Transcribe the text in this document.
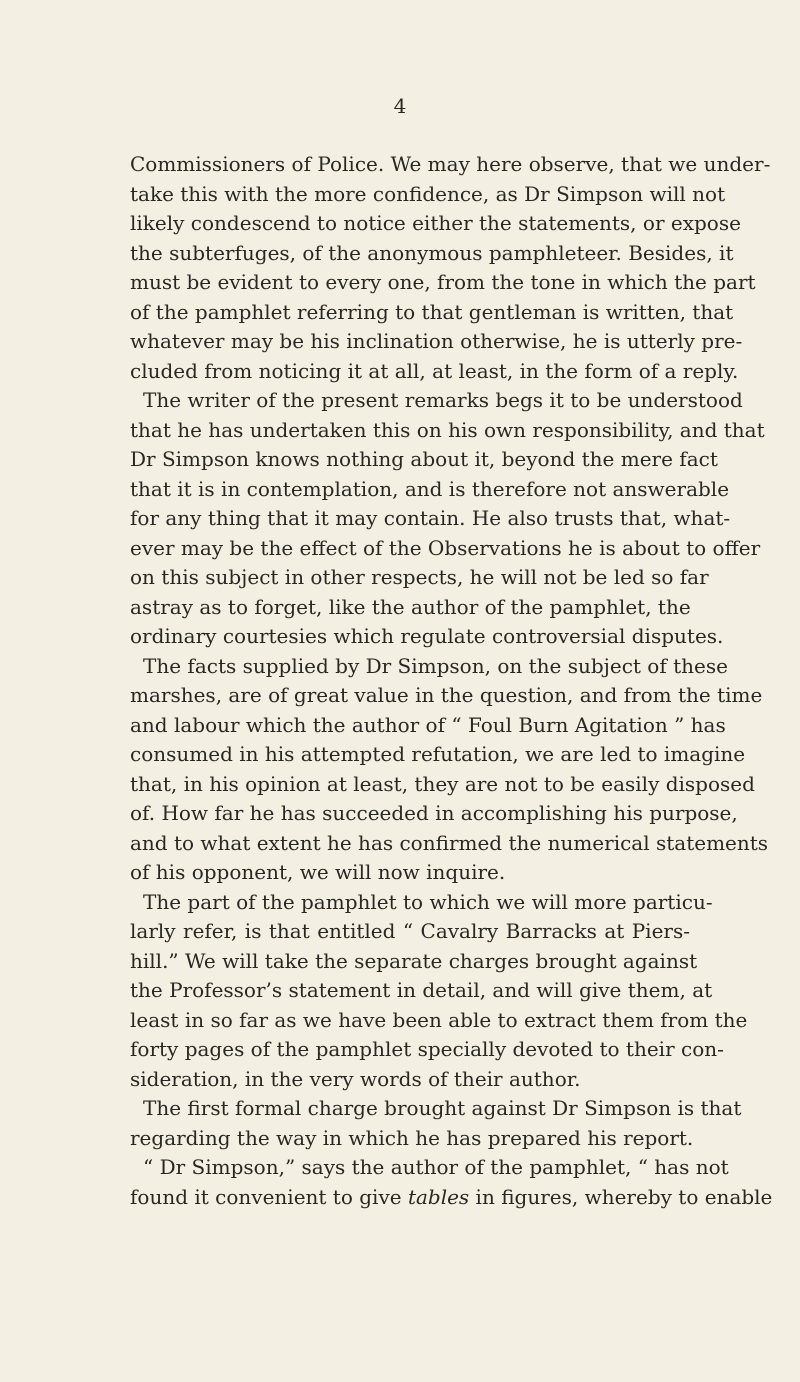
4
Commissioners of Police. We may here observe, that we under-
take this with the more confidence, as Dr Simpson will not
likely condescend to notice either the statements, or expose
the subterfuges, of the anonymous pamphleteer. Besides, it
must be evident to every one, from the tone in which the part
of the pamphlet referring to that gentleman is written, that
whatever may be his inclination otherwise, he is utterly pre-
cluded from noticing it at all, at least, in the form of a reply.
The writer of the present remarks begs it to be understood
that he has undertaken this on his own responsibility, and that
Dr Simpson knows nothing about it, beyond the mere fact
that it is in contemplation, and is therefore not answerable
for any thing that it may contain. He also trusts that, what-
ever may be the effect of the Observations he is about to offer
on this subject in other respects, he will not be led so far
astray as to forget, like the author of the pamphlet, the
ordinary courtesies which regulate controversial disputes.
The facts supplied by Dr Simpson, on the subject of these
marshes, are of great value in the question, and from the time
and labour which the author of “ Foul Burn Agitation ” has
consumed in his attempted refutation, we are led to imagine
that, in his opinion at least, they are not to be easily disposed
of. How far he has succeeded in accomplishing his purpose,
and to what extent he has confirmed the numerical statements
of his opponent, we will now inquire.
The part of the pamphlet to which we will more particu-
larly refer, is that entitled “ Cavalry Barracks at Piers-
hill.” We will take the separate charges brought against
the Professor’s statement in detail, and will give them, at
least in so far as we have been able to extract them from the
forty pages of the pamphlet specially devoted to their con-
sideration, in the very words of their author.
The first formal charge brought against Dr Simpson is that
regarding the way in which he has prepared his report.
“ Dr Simpson,” says the author of the pamphlet, “ has not
found it convenient to give tables in figures, whereby to enable
